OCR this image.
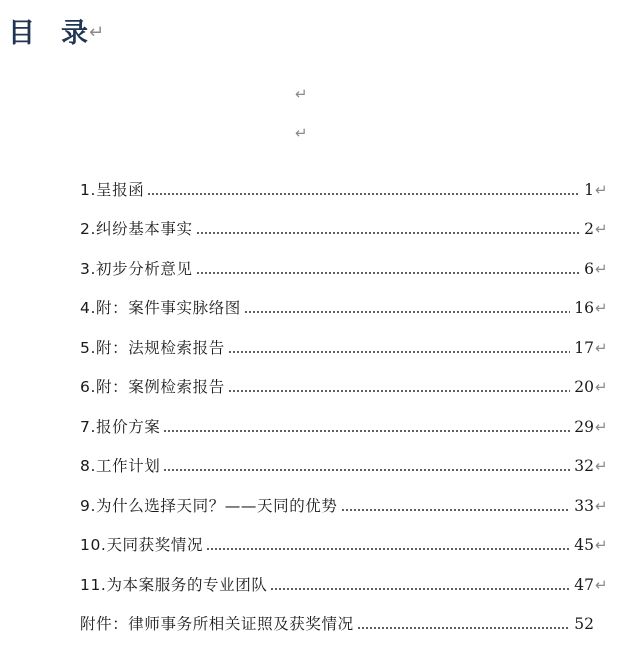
目 录 ↵
↵
↵
1.呈报函	1 ↵
2.纠纷基本事实	2 ↵
3.初步分析意见	6 ↵
4.附：案件事实脉络图	16 ↵
5.附：法规检索报告	17 ↵
6.附：案例检索报告	20 ↵
7.报价方案	29 ↵
8.工作计划	32 ↵
9.为什么选择天同？——天同的优势	33 ↵
10.天同获奖情况	45 ↵
11.为本案服务的专业团队	47 ↵
附件：律师事务所相关证照及获奖情况	52
